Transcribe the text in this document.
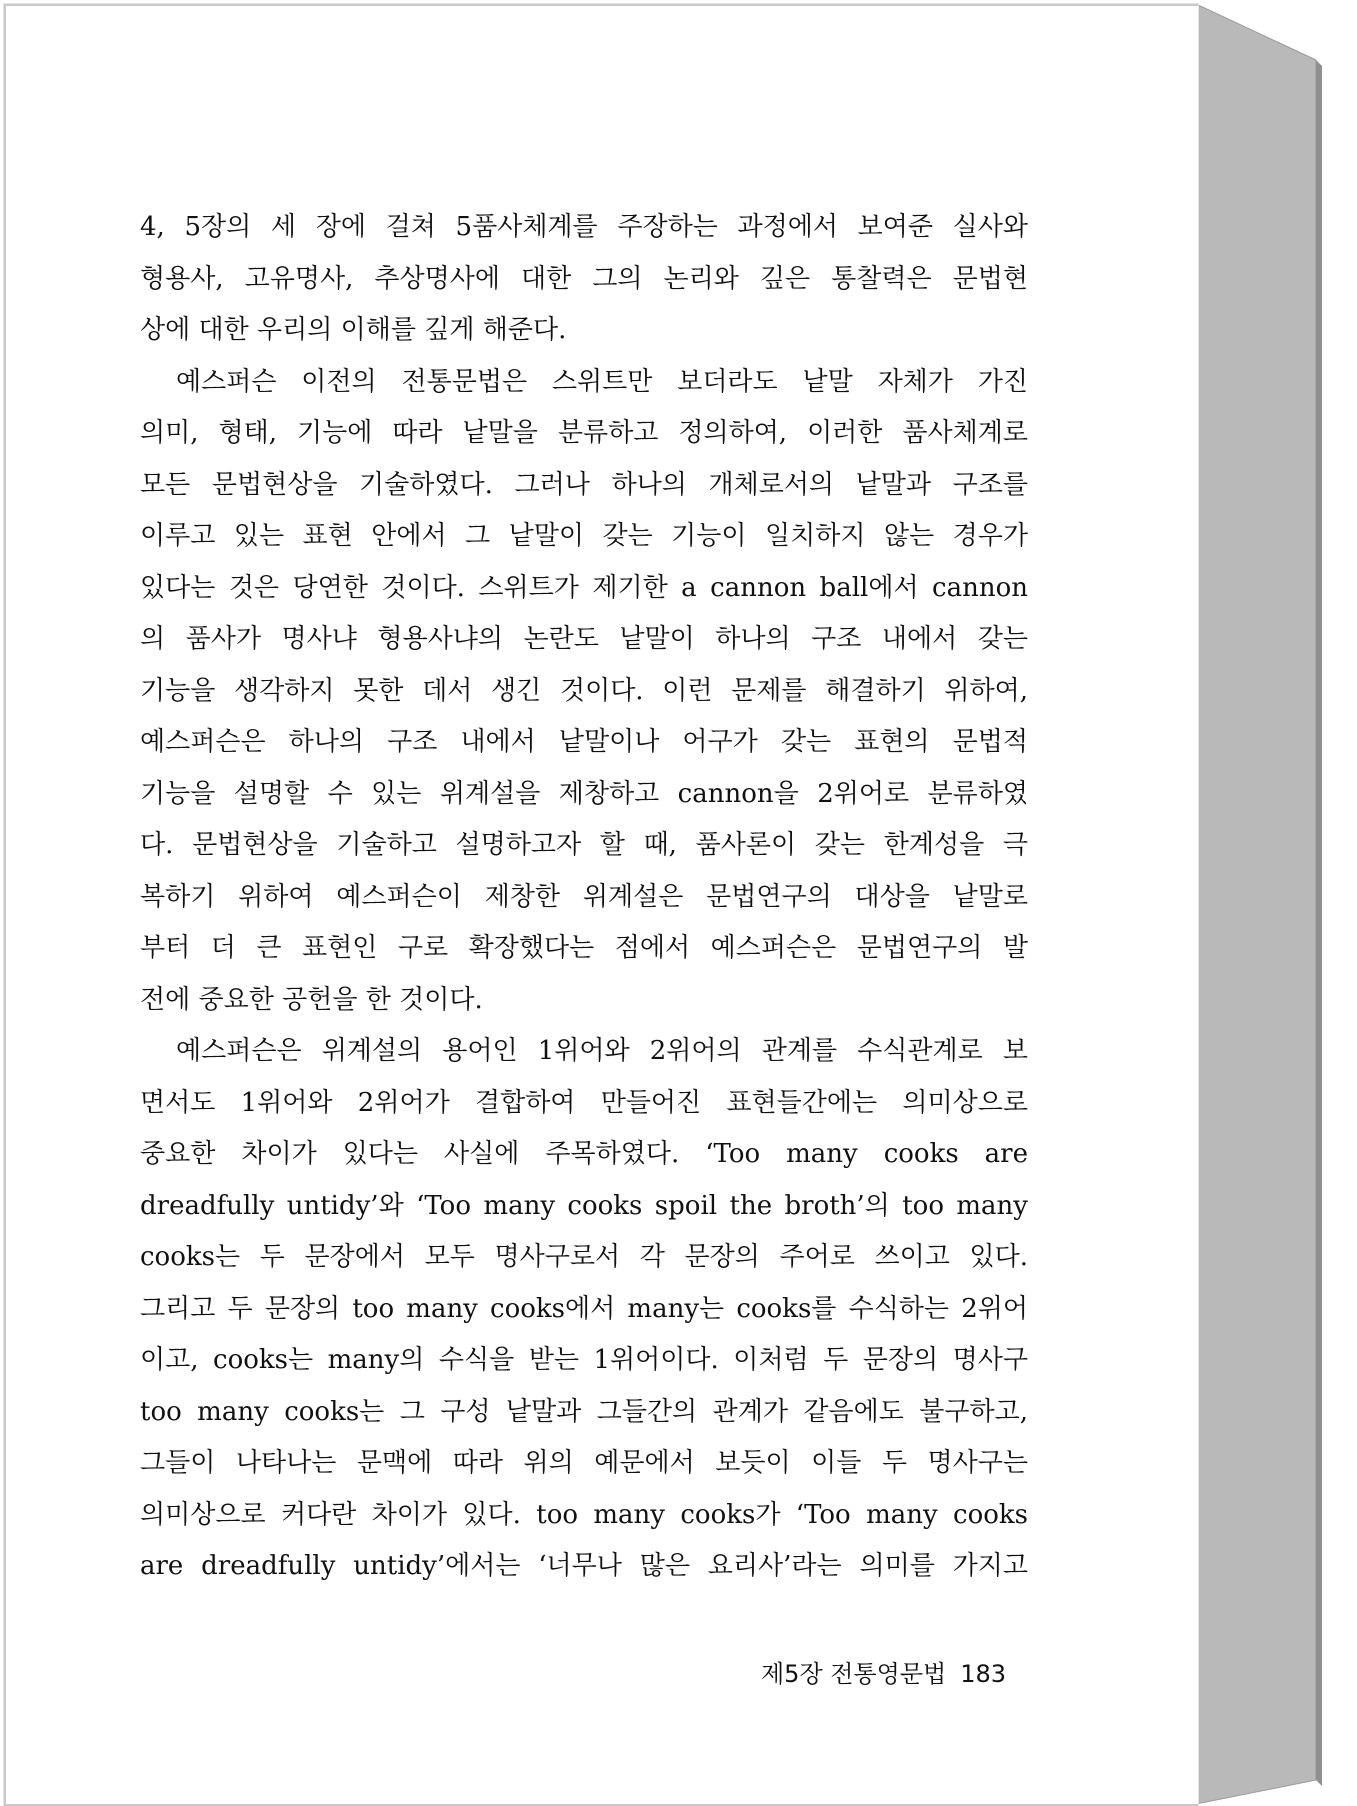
4, 5장의 세 장에 걸쳐 5품사체계를 주장하는 과정에서 보여준 실사와
형용사, 고유명사, 추상명사에 대한 그의 논리와 깊은 통찰력은 문법현
상에 대한 우리의 이해를 깊게 해준다.
예스퍼슨 이전의 전통문법은 스위트만 보더라도 낱말 자체가 가진
의미, 형태, 기능에 따라 낱말을 분류하고 정의하여, 이러한 품사체계로
모든 문법현상을 기술하였다. 그러나 하나의 개체로서의 낱말과 구조를
이루고 있는 표현 안에서 그 낱말이 갖는 기능이 일치하지 않는 경우가
있다는 것은 당연한 것이다. 스위트가 제기한 a cannon ball에서 cannon
의 품사가 명사냐 형용사냐의 논란도 낱말이 하나의 구조 내에서 갖는
기능을 생각하지 못한 데서 생긴 것이다. 이런 문제를 해결하기 위하여,
예스퍼슨은 하나의 구조 내에서 낱말이나 어구가 갖는 표현의 문법적
기능을 설명할 수 있는 위계설을 제창하고 cannon을 2위어로 분류하였
다. 문법현상을 기술하고 설명하고자 할 때, 품사론이 갖는 한계성을 극
복하기 위하여 예스퍼슨이 제창한 위계설은 문법연구의 대상을 낱말로
부터 더 큰 표현인 구로 확장했다는 점에서 예스퍼슨은 문법연구의 발
전에 중요한 공헌을 한 것이다.
예스퍼슨은 위계설의 용어인 1위어와 2위어의 관계를 수식관계로 보
면서도 1위어와 2위어가 결합하여 만들어진 표현들간에는 의미상으로
중요한 차이가 있다는 사실에 주목하였다. ‘Too many cooks are
dreadfully untidy’와 ‘Too many cooks spoil the broth’의 too many
cooks는 두 문장에서 모두 명사구로서 각 문장의 주어로 쓰이고 있다.
그리고 두 문장의 too many cooks에서 many는 cooks를 수식하는 2위어
이고, cooks는 many의 수식을 받는 1위어이다. 이처럼 두 문장의 명사구
too many cooks는 그 구성 낱말과 그들간의 관계가 같음에도 불구하고,
그들이 나타나는 문맥에 따라 위의 예문에서 보듯이 이들 두 명사구는
의미상으로 커다란 차이가 있다. too many cooks가 ‘Too many cooks
are dreadfully untidy’에서는 ‘너무나 많은 요리사’라는 의미를 가지고
제5장 전통영문법 183
